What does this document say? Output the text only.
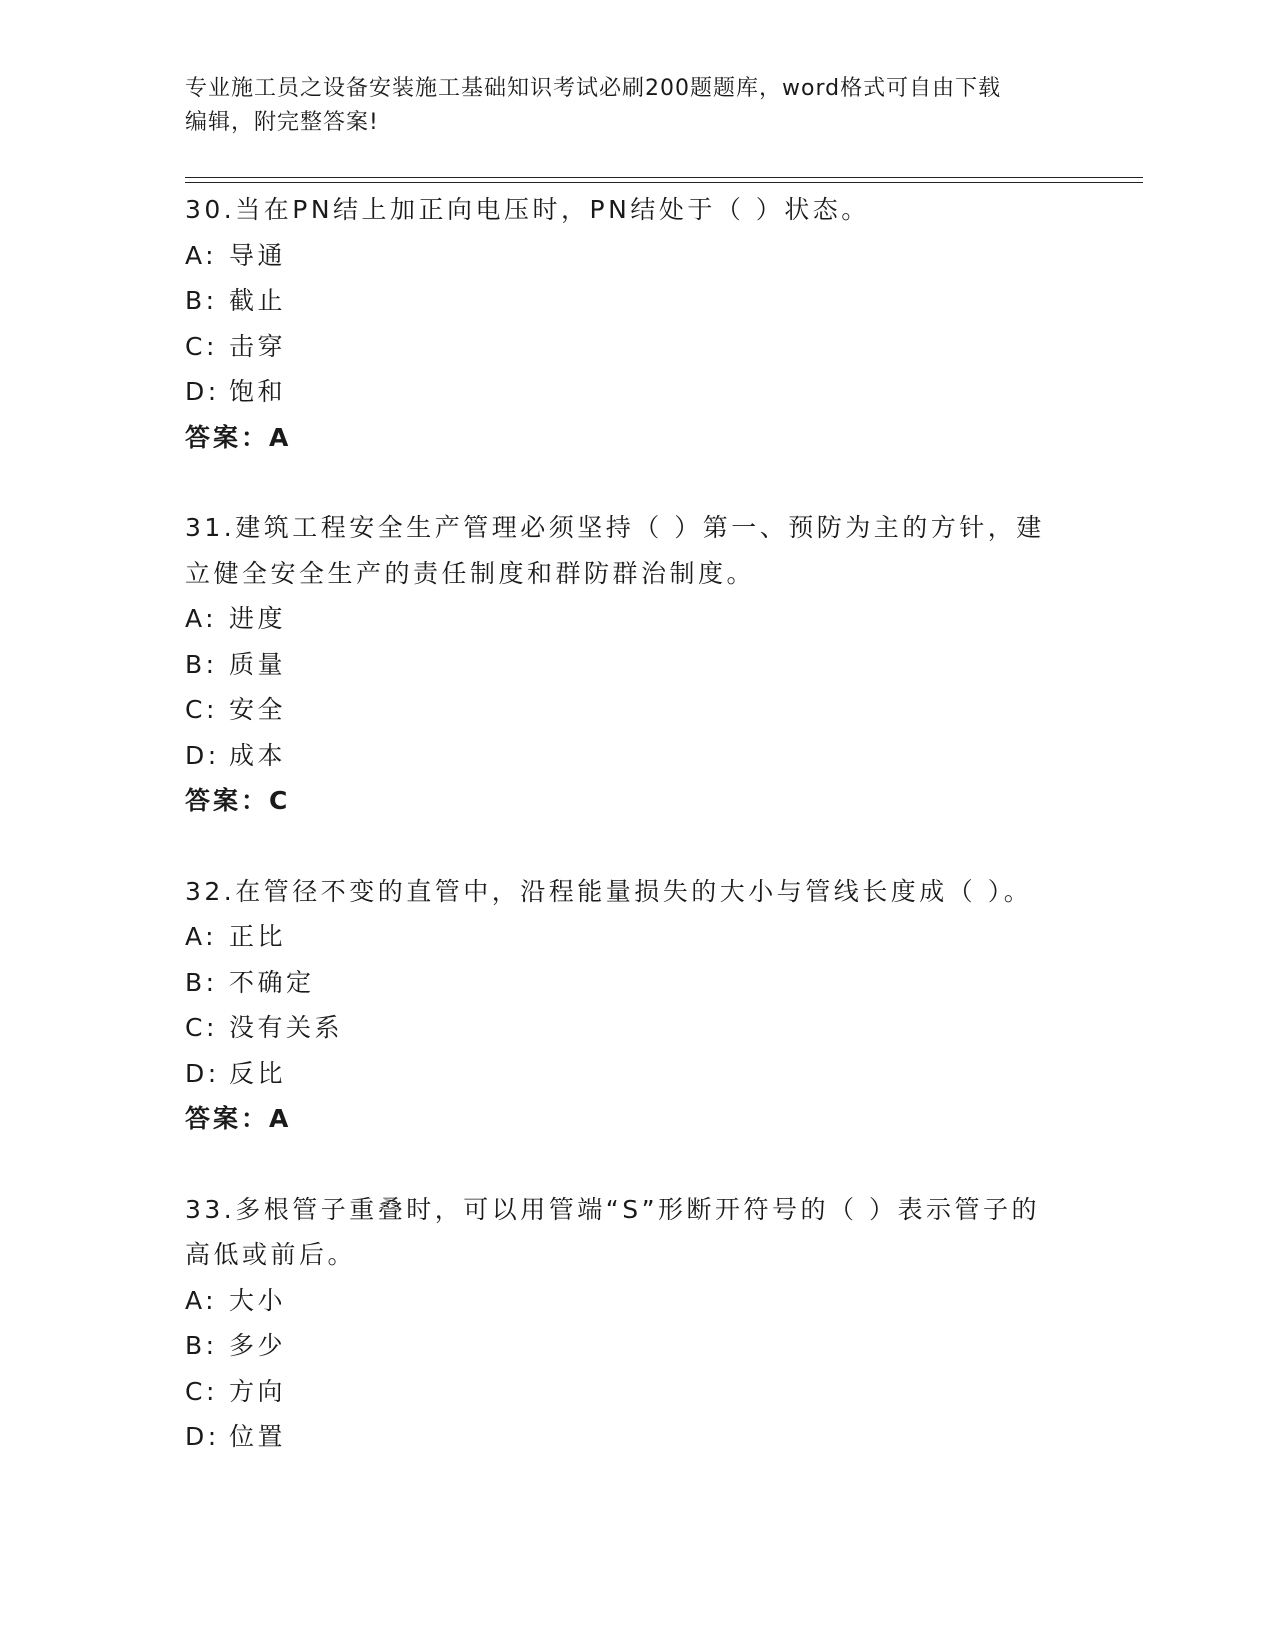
专业施工员之设备安装施工基础知识考试必刷200题题库，word格式可自由下载
编辑，附完整答案!
30.当在PN结上加正向电压时，PN结处于（ ）状态。
A: 导通
B: 截止
C: 击穿
D: 饱和
答案：A
31.建筑工程安全生产管理必须坚持（ ）第一、预防为主的方针，建
立健全安全生产的责任制度和群防群治制度。
A: 进度
B: 质量
C: 安全
D: 成本
答案：C
32.在管径不变的直管中，沿程能量损失的大小与管线长度成（ ）。
A: 正比
B: 不确定
C: 没有关系
D: 反比
答案：A
33.多根管子重叠时，可以用管端“S”形断开符号的（ ）表示管子的
高低或前后。
A: 大小
B: 多少
C: 方向
D: 位置
